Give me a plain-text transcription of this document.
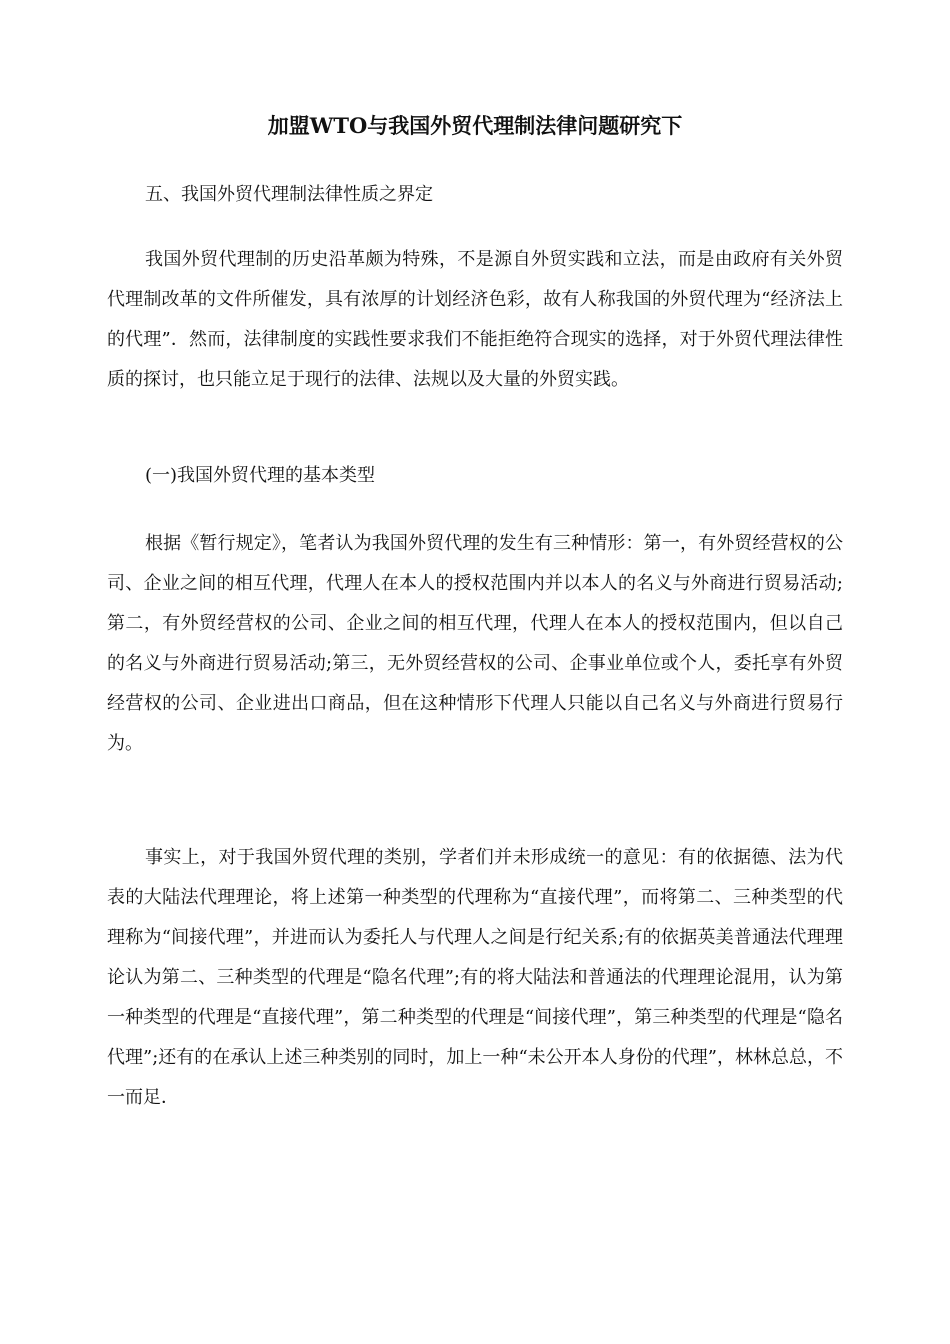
加盟WTO与我国外贸代理制法律问题研究下

五、我国外贸代理制法律性质之界定

我国外贸代理制的历史沿革颇为特殊，不是源自外贸实践和立法，而是由政府有关外贸代理制改革的文件所催发，具有浓厚的计划经济色彩，故有人称我国的外贸代理为“经济法上的代理”．然而，法律制度的实践性要求我们不能拒绝符合现实的选择，对于外贸代理法律性质的探讨，也只能立足于现行的法律、法规以及大量的外贸实践。

(一)我国外贸代理的基本类型

根据《暂行规定》，笔者认为我国外贸代理的发生有三种情形：第一，有外贸经营权的公司、企业之间的相互代理，代理人在本人的授权范围内并以本人的名义与外商进行贸易活动;第二，有外贸经营权的公司、企业之间的相互代理，代理人在本人的授权范围内，但以自己的名义与外商进行贸易活动;第三，无外贸经营权的公司、企事业单位或个人，委托享有外贸经营权的公司、企业进出口商品，但在这种情形下代理人只能以自己名义与外商进行贸易行为。

事实上，对于我国外贸代理的类别，学者们并未形成统一的意见：有的依据德、法为代表的大陆法代理理论，将上述第一种类型的代理称为“直接代理”，而将第二、三种类型的代理称为“间接代理”，并进而认为委托人与代理人之间是行纪关系;有的依据英美普通法代理理论认为第二、三种类型的代理是“隐名代理”;有的将大陆法和普通法的代理理论混用，认为第一种类型的代理是“直接代理”，第二种类型的代理是“间接代理”，第三种类型的代理是“隐名代理”;还有的在承认上述三种类别的同时，加上一种“未公开本人身份的代理”，林林总总，不一而足．
